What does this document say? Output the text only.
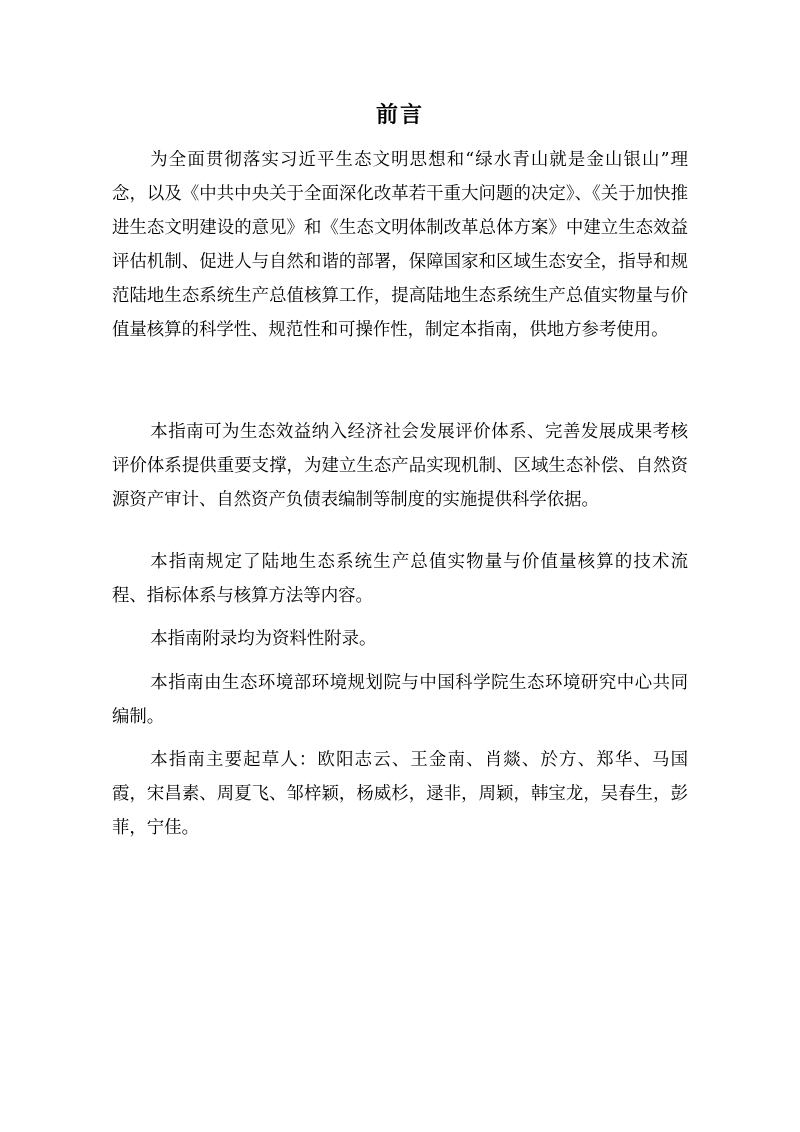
前言

为全面贯彻落实习近平生态文明思想和“绿水青山就是金山银山”理念，以及《中共中央关于全面深化改革若干重大问题的决定》、《关于加快推进生态文明建设的意见》和《生态文明体制改革总体方案》中建立生态效益评估机制、促进人与自然和谐的部署，保障国家和区域生态安全，指导和规范陆地生态系统生产总值核算工作，提高陆地生态系统生产总值实物量与价值量核算的科学性、规范性和可操作性，制定本指南，供地方参考使用。

本指南可为生态效益纳入经济社会发展评价体系、完善发展成果考核评价体系提供重要支撑，为建立生态产品实现机制、区域生态补偿、自然资源资产审计、自然资产负债表编制等制度的实施提供科学依据。

本指南规定了陆地生态系统生产总值实物量与价值量核算的技术流程、指标体系与核算方法等内容。

本指南附录均为资料性附录。

本指南由生态环境部环境规划院与中国科学院生态环境研究中心共同编制。

本指南主要起草人：欧阳志云、王金南、肖燚、於方、郑华、马国霞，宋昌素、周夏飞、邹梓颖，杨威杉，逯非，周颖，韩宝龙，吴春生，彭菲，宁佳。
